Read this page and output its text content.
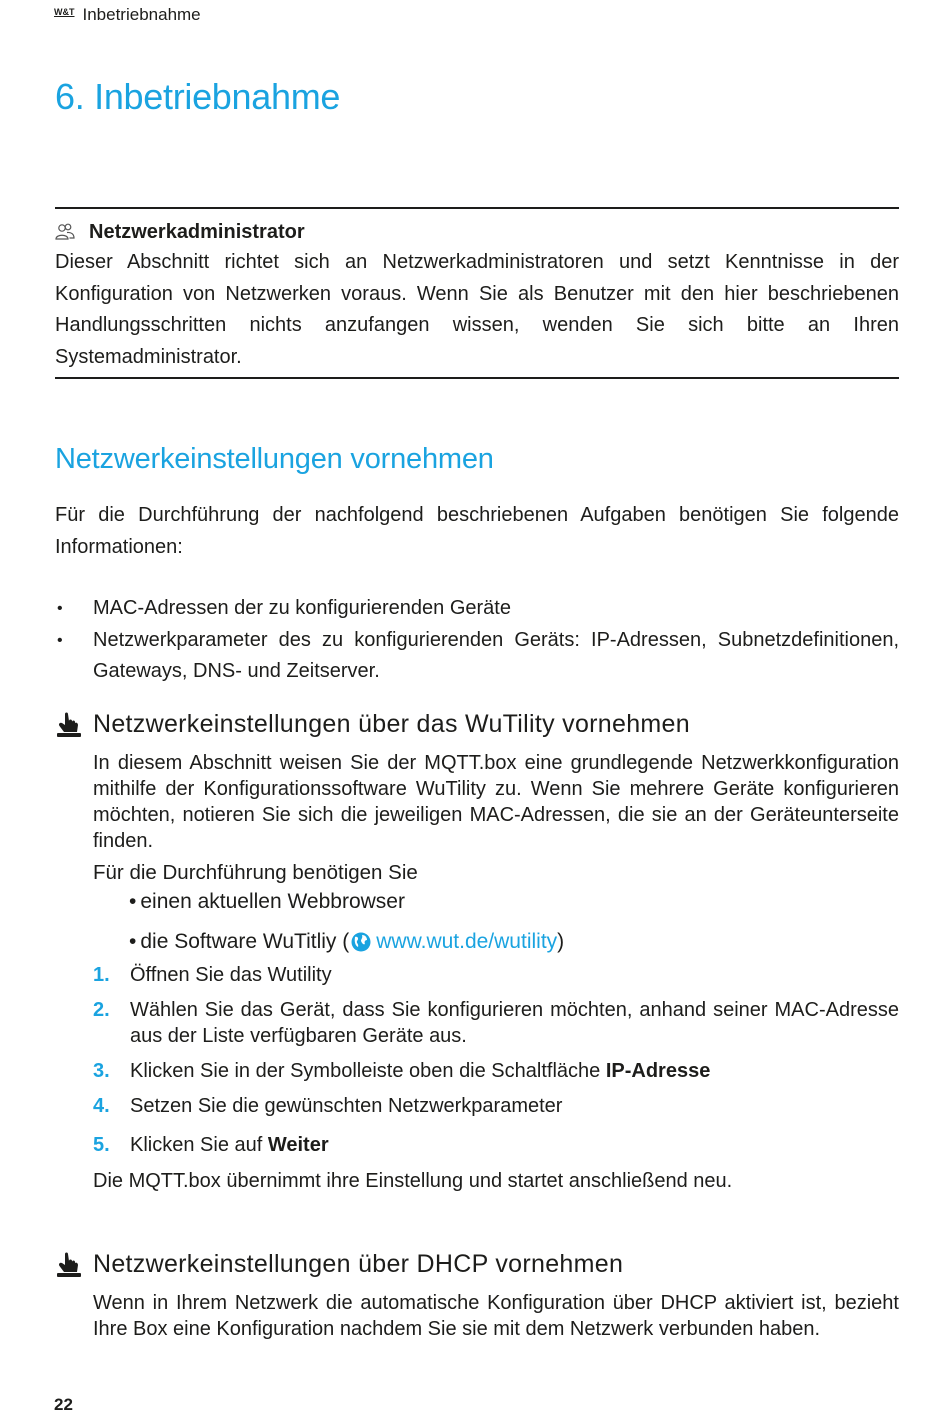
W&T Inbetriebnahme
6. Inbetriebnahme
Netzwerkadministrator

Dieser Abschnitt richtet sich an Netzwerkadministratoren und setzt Kenntnisse in der Konfiguration von Netzwerken voraus. Wenn Sie als Benutzer mit den hier beschriebenen Handlungsschritten nichts anzufangen wissen, wenden Sie sich bitte an Ihren Systemadministrator.

Netzwerkeinstellungen vornehmen

Für die Durchführung der nachfolgend beschriebenen Aufgaben benötigen Sie folgende Informationen:

• MAC-Adressen der zu konfigurierenden Geräte
• Netzwerkparameter des zu konfigurierenden Geräts: IP-Adressen, Subnetzdefinitionen, Gateways, DNS- und Zeitserver.
Netzwerkeinstellungen über das WuTility vornehmen

In diesem Abschnitt weisen Sie der MQTT.box eine grundlegende Netzwerkkonfiguration mithilfe der Konfigurationssoftware WuTility zu. Wenn Sie mehrere Geräte konfigurieren möchten, notieren Sie sich die jeweiligen MAC-Adressen, die sie an der Geräteunterseite finden.

Für die Durchführung benötigen Sie

• einen aktuellen Webbrowser
• die Software WuTitliy ( www.wut.de/wutility )
1.	Öffnen Sie das Wutility
2.	Wählen Sie das Gerät, dass Sie konfigurieren möchten, anhand seiner MAC-Adresse aus der Liste verfügbaren Geräte aus.
3.	Klicken Sie in der Symbolleiste oben die Schaltfläche IP-Adresse
4.	Setzen Sie die gewünschten Netzwerkparameter
5.	Klicken Sie auf Weiter

Die MQTT.box übernimmt ihre Einstellung und startet anschließend neu.

Netzwerkeinstellungen über DHCP vornehmen

Wenn in Ihrem Netzwerk die automatische Konfiguration über DHCP aktiviert ist, bezieht Ihre Box eine Konfiguration nachdem Sie sie mit dem Netzwerk verbunden haben.

22
